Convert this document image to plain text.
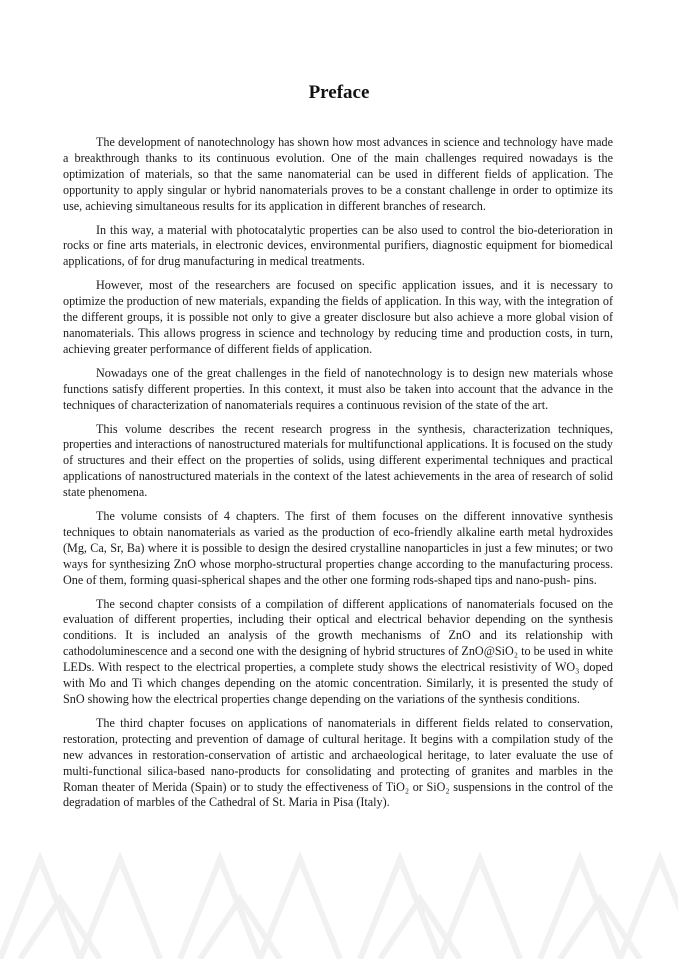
Preface

The development of nanotechnology has shown how most advances in science and technology have made a breakthrough thanks to its continuous evolution. One of the main challenges required nowadays is the optimization of materials, so that the same nanomaterial can be used in different fields of application. The opportunity to apply singular or hybrid nanomaterials proves to be a constant challenge in order to optimize its use, achieving simultaneous results for its application in different branches of research.

In this way, a material with photocatalytic properties can be also used to control the bio-deterioration in rocks or fine arts materials, in electronic devices, environmental purifiers, diagnostic equipment for biomedical applications, of for drug manufacturing in medical treatments.

However, most of the researchers are focused on specific application issues, and it is necessary to optimize the production of new materials, expanding the fields of application. In this way, with the integration of the different groups, it is possible not only to give a greater disclosure but also achieve a more global vision of nanomaterials. This allows progress in science and technology by reducing time and production costs, in turn, achieving greater performance of different fields of application.

Nowadays one of the great challenges in the field of nanotechnology is to design new materials whose functions satisfy different properties. In this context, it must also be taken into account that the advance in the techniques of characterization of nanomaterials requires a continuous revision of the state of the art.

This volume describes the recent research progress in the synthesis, characterization techniques, properties and interactions of nanostructured materials for multifunctional applications. It is focused on the study of structures and their effect on the properties of solids, using different experimental techniques and practical applications of nanostructured materials in the context of the latest achievements in the area of research of solid state phenomena.

The volume consists of 4 chapters. The first of them focuses on the different innovative synthesis techniques to obtain nanomaterials as varied as the production of eco-friendly alkaline earth metal hydroxides (Mg, Ca, Sr, Ba) where it is possible to design the desired crystalline nanoparticles in just a few minutes; or two ways for synthesizing ZnO whose morpho-structural properties change according to the manufacturing process. One of them, forming quasi-spherical shapes and the other one forming rods-shaped tips and nano-push- pins.

The second chapter consists of a compilation of different applications of nanomaterials focused on the evaluation of different properties, including their optical and electrical behavior depending on the synthesis conditions. It is included an analysis of the growth mechanisms of ZnO and its relationship with cathodoluminescence and a second one with the designing of hybrid structures of ZnO@SiO₂ to be used in white LEDs. With respect to the electrical properties, a complete study shows the electrical resistivity of WO₃ doped with Mo and Ti which changes depending on the atomic concentration. Similarly, it is presented the study of SnO showing how the electrical properties change depending on the variations of the synthesis conditions.

The third chapter focuses on applications of nanomaterials in different fields related to conservation, restoration, protecting and prevention of damage of cultural heritage. It begins with a compilation study of the new advances in restoration-conservation of artistic and archaeological heritage, to later evaluate the use of multi-functional silica-based nano-products for consolidating and protecting of granites and marbles in the Roman theater of Merida (Spain) or to study the effectiveness of TiO₂ or SiO₂ suspensions in the control of the degradation of marbles of the Cathedral of St. Maria in Pisa (Italy).
